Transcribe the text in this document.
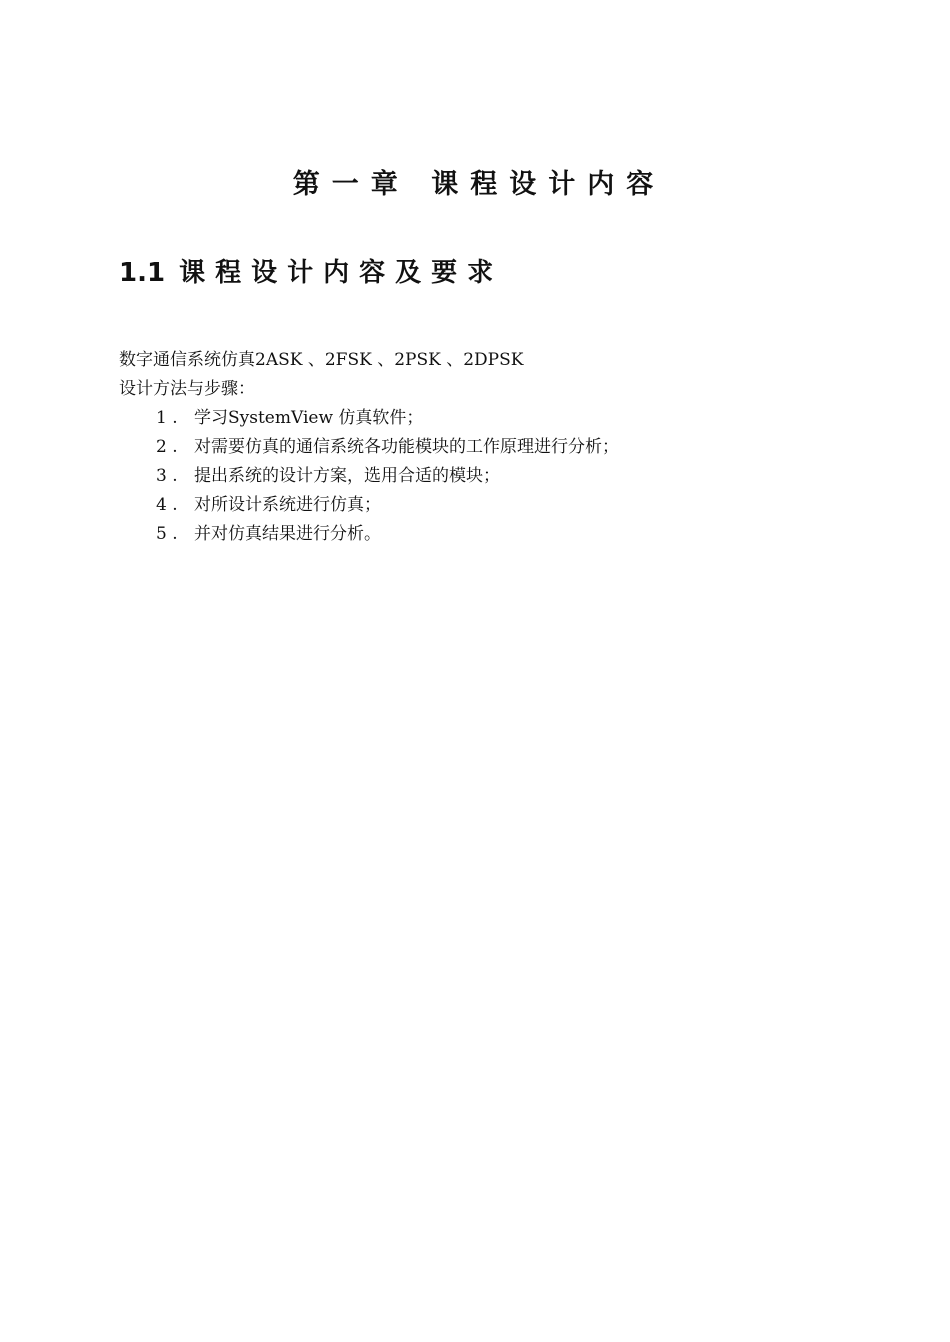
第一章 课程设计内容
1.1 课程设计内容及要求
数字通信系统仿真2ASK 、2FSK 、2PSK 、2DPSK
设计方法与步骤：
1 . 学习SystemView 仿真软件；
2 . 对需要仿真的通信系统各功能模块的工作原理进行分析；
3 . 提出系统的设计方案，选用合适的模块；
4 . 对所设计系统进行仿真；
5 . 并对仿真结果进行分析。
